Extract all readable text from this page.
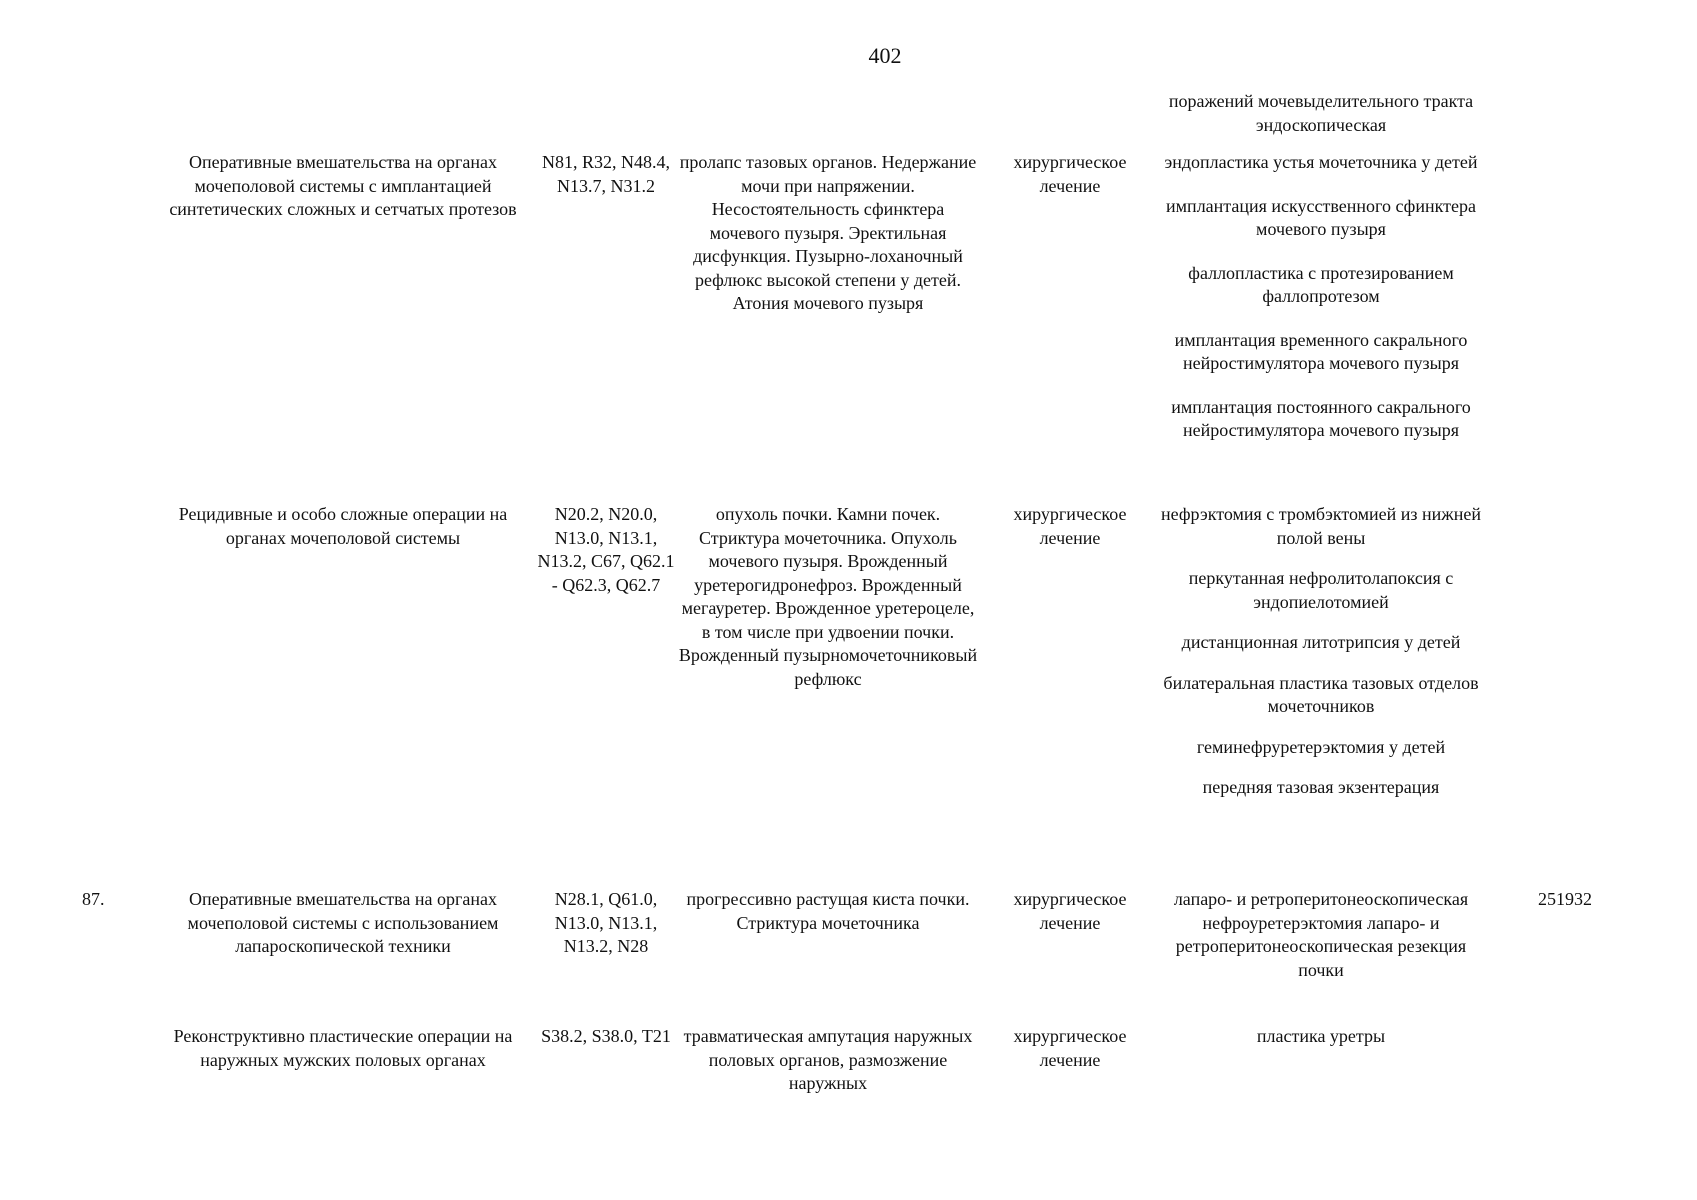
402
поражений мочевыделительного тракта эндоскопическая
Оперативные вмешательства на органах мочеполовой системы с имплантацией синтетических сложных и сетчатых протезов
N81, R32, N48.4, N13.7, N31.2
пролапс тазовых органов. Недержание мочи при напряжении. Несостоятельность сфинктера мочевого пузыря. Эректильная дисфункция. Пузырно-лоханочный рефлюкс высокой степени у детей. Атония мочевого пузыря
хирургическое лечение
эндопластика устья мочеточника у детей
имплантация искусственного сфинктера мочевого пузыря
фаллопластика с протезированием фаллопротезом
имплантация временного сакрального нейростимулятора мочевого пузыря
имплантация постоянного сакрального нейростимулятора мочевого пузыря
Рецидивные и особо сложные операции на органах мочеполовой системы
N20.2, N20.0, N13.0, N13.1, N13.2, C67, Q62.1 - Q62.3, Q62.7
опухоль почки. Камни почек. Стриктура мочеточника. Опухоль мочевого пузыря. Врожденный уретерогидронефроз. Врожденный мегауретер. Врожденное уретероцеле, в том числе при удвоении почки. Врожденный пузырномочеточниковый рефлюкс
хирургическое лечение
нефрэктомия с тромбэктомией из нижней полой вены
перкутанная нефролитолапоксия с эндопиелотомией
дистанционная литотрипсия у детей
билатеральная пластика тазовых отделов мочеточников
геминефруретерэктомия у детей
передняя тазовая экзентерация
87.	Оперативные вмешательства на органах мочеполовой системы с использованием лапароскопической техники
N28.1, Q61.0, N13.0, N13.1, N13.2, N28
прогрессивно растущая киста почки. Стриктура мочеточника
хирургическое лечение
лапаро- и ретроперитонеоскопическая нефроуретерэктомия лапаро- и ретроперитонеоскопическая резекция почки
251932
Реконструктивно пластические операции на наружных мужских половых органах
S38.2, S38.0, T21 травматическая ампутация наружных половых органов, размозжение наружных
хирургическое лечение
пластика уретры
